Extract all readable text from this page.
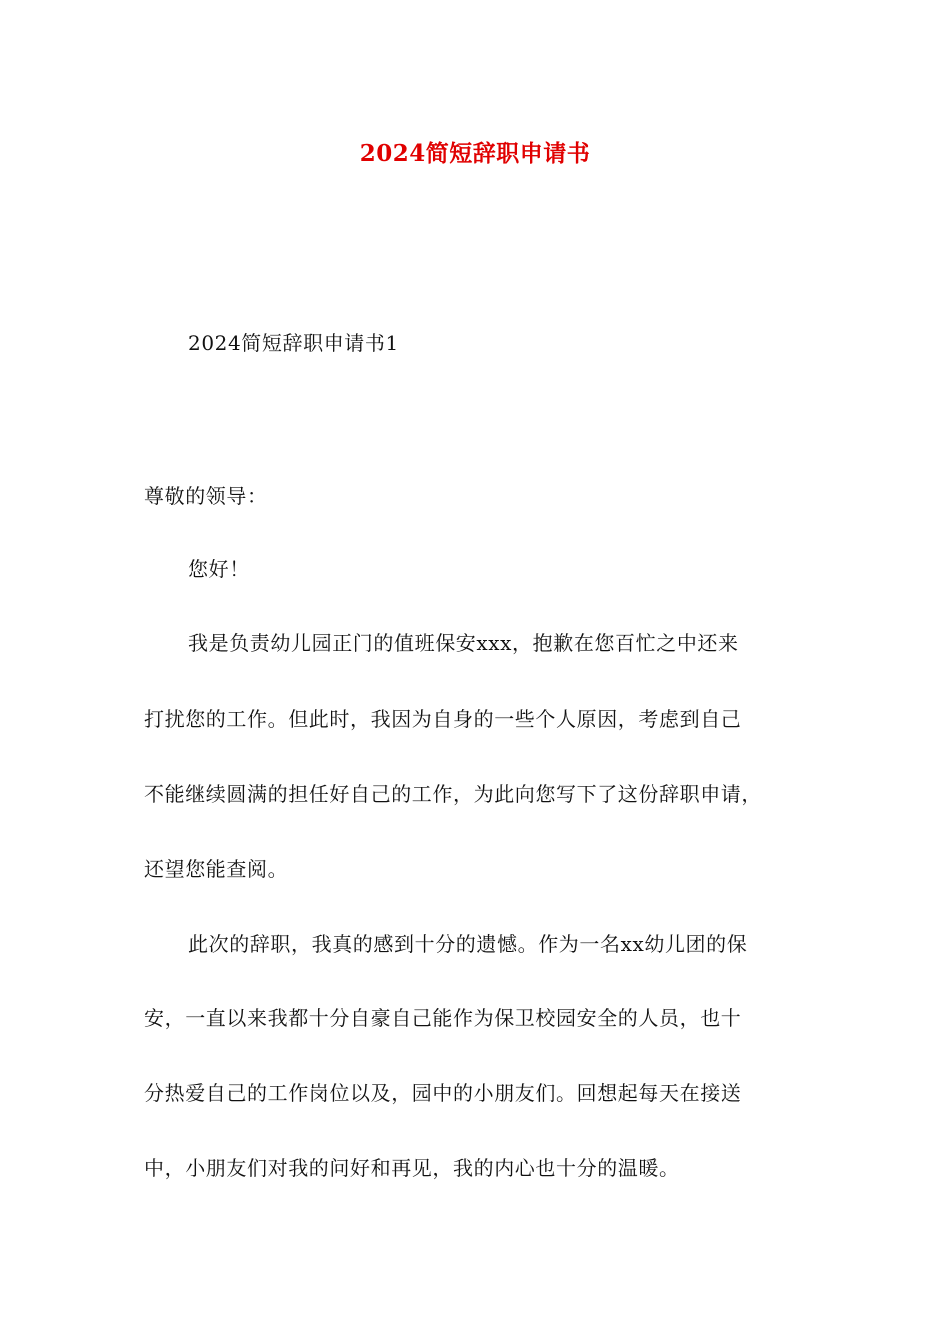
2024简短辞职申请书
2024简短辞职申请书1
尊敬的领导：
您好！
我是负责幼儿园正门的值班保安xxx，抱歉在您百忙之中还来
打扰您的工作。但此时，我因为自身的一些个人原因，考虑到自己
不能继续圆满的担任好自己的工作，为此向您写下了这份辞职申请，
还望您能查阅。
此次的辞职，我真的感到十分的遗憾。作为一名xx幼儿团的保
安，一直以来我都十分自豪自己能作为保卫校园安全的人员，也十
分热爱自己的工作岗位以及，园中的小朋友们。回想起每天在接送
中，小朋友们对我的问好和再见，我的内心也十分的温暖。
